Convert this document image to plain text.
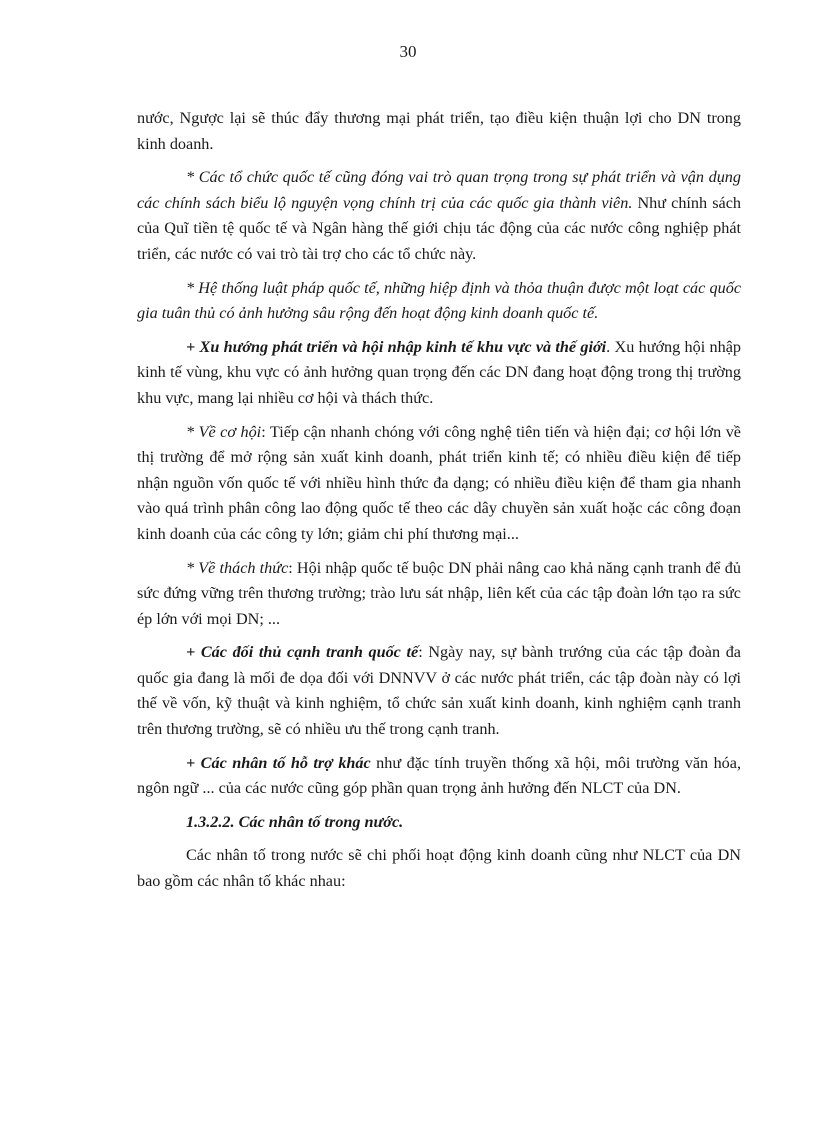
30

nước, Ngược lại sẽ thúc đẩy thương mại phát triển, tạo điều kiện thuận lợi cho DN trong kinh doanh.

* Các tổ chức quốc tế cũng đóng vai trò quan trọng trong sự phát triển và vận dụng các chính sách biểu lộ nguyện vọng chính trị của các quốc gia thành viên. Như chính sách của Quĩ tiền tệ quốc tế và Ngân hàng thế giới chịu tác động của các nước công nghiệp phát triển, các nước có vai trò tài trợ cho các tổ chức này.

* Hệ thống luật pháp quốc tế, những hiệp định và thỏa thuận được một loạt các quốc gia tuân thủ có ảnh hưởng sâu rộng đến hoạt động kinh doanh quốc tế.

+ Xu hướng phát triển và hội nhập kinh tế khu vực và thế giới. Xu hướng hội nhập kinh tế vùng, khu vực có ảnh hưởng quan trọng đến các DN đang hoạt động trong thị trường khu vực, mang lại nhiều cơ hội và thách thức.

* Về cơ hội: Tiếp cận nhanh chóng với công nghệ tiên tiến và hiện đại; cơ hội lớn về thị trường để mở rộng sản xuất kinh doanh, phát triển kinh tế; có nhiều điều kiện để tiếp nhận nguồn vốn quốc tế với nhiều hình thức đa dạng; có nhiều điều kiện để tham gia nhanh vào quá trình phân công lao động quốc tế theo các dây chuyền sản xuất hoặc các công đoạn kinh doanh của các công ty lớn; giảm chi phí thương mại...

* Về thách thức: Hội nhập quốc tế buộc DN phải nâng cao khả năng cạnh tranh để đủ sức đứng vững trên thương trường; trào lưu sát nhập, liên kết của các tập đoàn lớn tạo ra sức ép lớn với mọi DN; ...

+ Các đối thủ cạnh tranh quốc tế: Ngày nay, sự bành trướng của các tập đoàn đa quốc gia đang là mối đe dọa đối với DNNVV ở các nước phát triển, các tập đoàn này có lợi thế về vốn, kỹ thuật và kinh nghiệm, tổ chức sản xuất kinh doanh, kinh nghiệm cạnh tranh trên thương trường, sẽ có nhiều ưu thế trong cạnh tranh.

+ Các nhân tố hỗ trợ khác như đặc tính truyền thống xã hội, môi trường văn hóa, ngôn ngữ ... của các nước cũng góp phần quan trọng ảnh hưởng đến NLCT của DN.

1.3.2.2. Các nhân tố trong nước.

Các nhân tố trong nước sẽ chi phối hoạt động kinh doanh cũng như NLCT của DN bao gồm các nhân tố khác nhau:
